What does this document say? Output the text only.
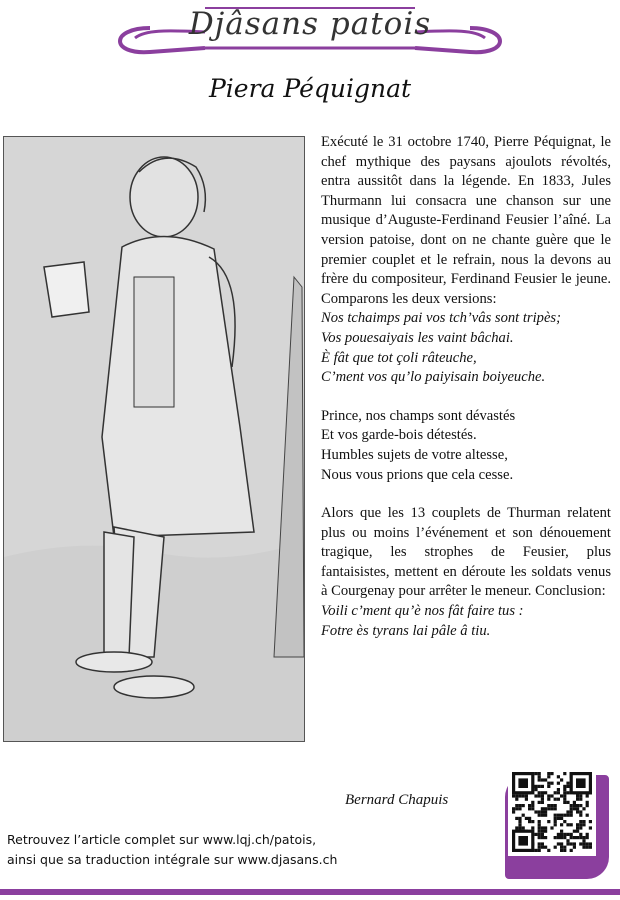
Djâsans patois
Piera Péquignat

Exécuté le 31 octobre 1740, Pierre Péquignat, le chef mythique des paysans ajoulots révoltés, entra aussitôt dans la légende. En 1833, Jules Thurmann lui consacra une chanson sur une musique d’Auguste-Ferdinand Feusier l’aîné. La version patoise, dont on ne chante guère que le premier couplet et le refrain, nous la devons au frère du compositeur, Ferdinand Feusier le jeune. Comparons les deux versions:

Nos tchaimps pai vos tch’vâs sont tripès;

Vos pouesaiyais les vaint bâchai.

È fât que tot çoli râteuche,

C’ment vos qu’lo paiyisain boiyeuche.

Prince, nos champs sont dévastés

Et vos garde-bois détestés.

Humbles sujets de votre altesse,

Nous vous prions que cela cesse.

Alors que les 13 couplets de Thurman relatent plus ou moins l’événement et son dénouement tragique, les strophes de Feusier, plus fantaisistes, mettent en déroute les soldats venus à Courgenay pour arrêter le meneur. Conclusion:

Voili c’ment qu’è nos fât faire tus :

Fotre ès tyrans lai pâle â tiu.

Bernard Chapuis
Retrouvez l’article complet sur www.lqj.ch/patois,
ainsi que sa traduction intégrale sur www.djasans.ch
